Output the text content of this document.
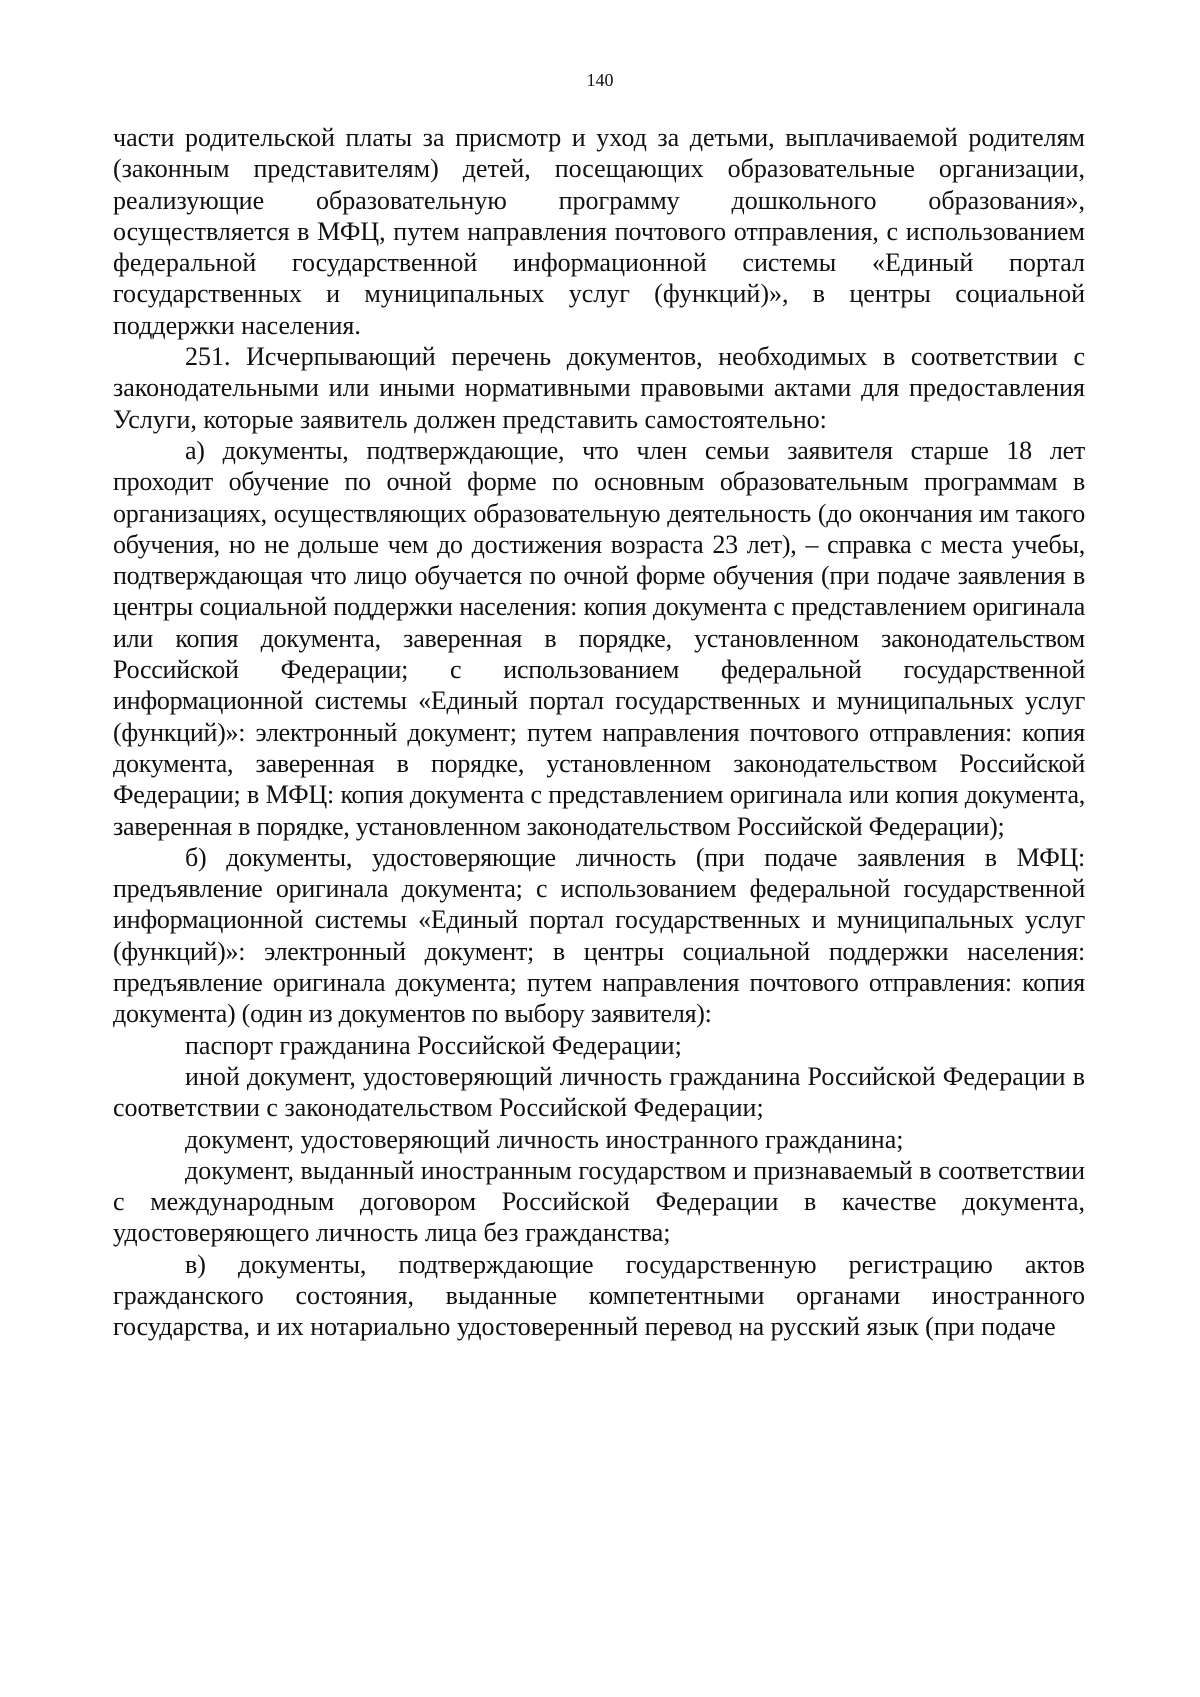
140

части родительской платы за присмотр и уход за детьми, выплачиваемой родителям (законным представителям) детей, посещающих образовательные организации, реализующие образовательную программу дошкольного образования», осуществляется в МФЦ, путем направления почтового отправления, с использованием федеральной государственной информационной системы «Единый портал государственных и муниципальных услуг (функций)», в центры социальной поддержки населения.

251. Исчерпывающий перечень документов, необходимых в соответствии с законодательными или иными нормативными правовыми актами для предоставления Услуги, которые заявитель должен представить самостоятельно:

а) документы, подтверждающие, что член семьи заявителя старше 18 лет проходит обучение по очной форме по основным образовательным программам в организациях, осуществляющих образовательную деятельность (до окончания им такого обучения, но не дольше чем до достижения возраста 23 лет), – справка с места учебы, подтверждающая что лицо обучается по очной форме обучения (при подаче заявления в центры социальной поддержки населения: копия документа с представлением оригинала или копия документа, заверенная в порядке, установленном законодательством Российской Федерации; с использованием федеральной государственной информационной системы «Единый портал государственных и муниципальных услуг (функций)»: электронный документ; путем направления почтового отправления: копия документа, заверенная в порядке, установленном законодательством Российской Федерации; в МФЦ: копия документа с представлением оригинала или копия документа, заверенная в порядке, установленном законодательством Российской Федерации);

б) документы, удостоверяющие личность (при подаче заявления в МФЦ: предъявление оригинала документа; с использованием федеральной государственной информационной системы «Единый портал государственных и муниципальных услуг (функций)»: электронный документ; в центры социальной поддержки населения: предъявление оригинала документа; путем направления почтового отправления: копия документа) (один из документов по выбору заявителя):

паспорт гражданина Российской Федерации;

иной документ, удостоверяющий личность гражданина Российской Федерации в соответствии с законодательством Российской Федерации;

документ, удостоверяющий личность иностранного гражданина;

документ, выданный иностранным государством и признаваемый в соответствии с международным договором Российской Федерации в качестве документа, удостоверяющего личность лица без гражданства;

в) документы, подтверждающие государственную регистрацию актов гражданского состояния, выданные компетентными органами иностранного государства, и их нотариально удостоверенный перевод на русский язык (при подаче
